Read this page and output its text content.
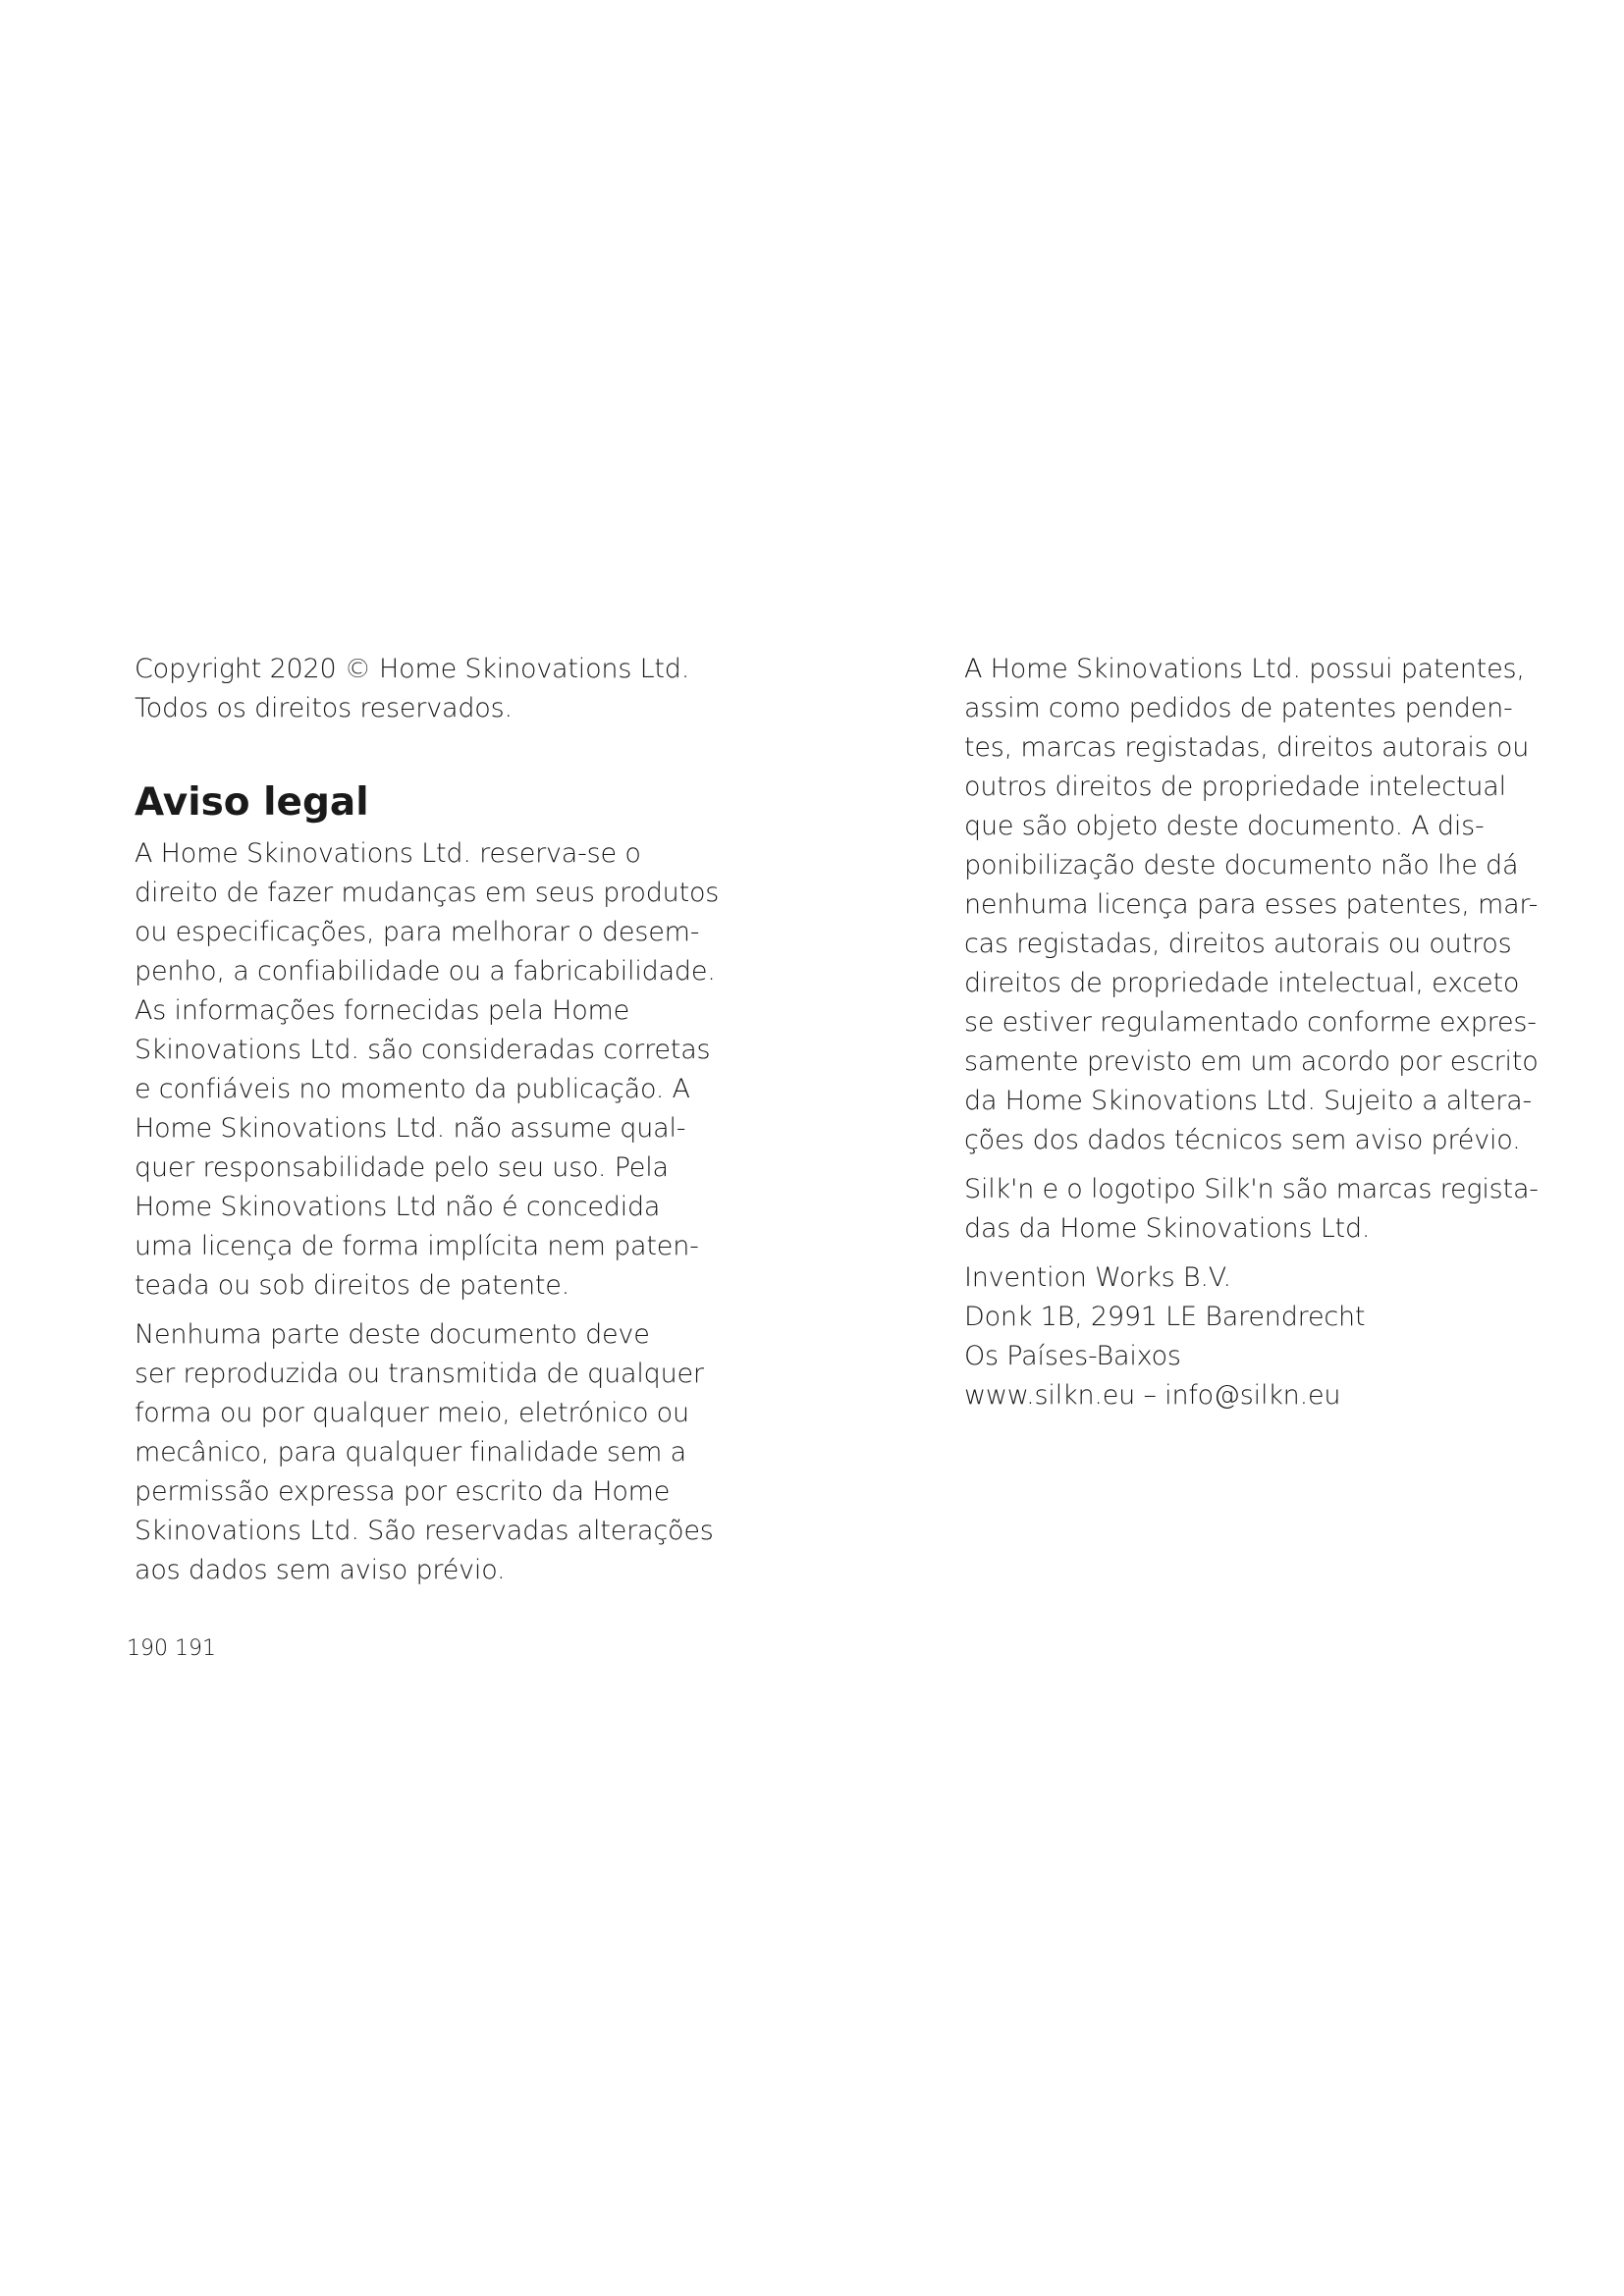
Copyright 2020 © Home Skinovations Ltd.
Todos os direitos reservados.
Aviso legal
A Home Skinovations Ltd. reserva-se o
direito de fazer mudanças em seus produtos
ou especificações, para melhorar o desem-
penho, a confiabilidade ou a fabricabilidade.
As informações fornecidas pela Home
Skinovations Ltd. são consideradas corretas
e confiáveis no momento da publicação. A
Home Skinovations Ltd. não assume qual-
quer responsabilidade pelo seu uso. Pela
Home Skinovations Ltd não é concedida
uma licença de forma implícita nem paten-
teada ou sob direitos de patente.
Nenhuma parte deste documento deve
ser reproduzida ou transmitida de qualquer
forma ou por qualquer meio, eletrónico ou
mecânico, para qualquer finalidade sem a
permissão expressa por escrito da Home
Skinovations Ltd. São reservadas alterações
aos dados sem aviso prévio.
A Home Skinovations Ltd. possui patentes,
assim como pedidos de patentes penden-
tes, marcas registadas, direitos autorais ou
outros direitos de propriedade intelectual
que são objeto deste documento. A dis-
ponibilização deste documento não lhe dá
nenhuma licença para esses patentes, mar-
cas registadas, direitos autorais ou outros
direitos de propriedade intelectual, exceto
se estiver regulamentado conforme expres-
samente previsto em um acordo por escrito
da Home Skinovations Ltd. Sujeito a altera-
ções dos dados técnicos sem aviso prévio.
Silk'n e o logotipo Silk'n são marcas regista-
das da Home Skinovations Ltd.
Invention Works B.V.
Donk 1B, 2991 LE Barendrecht
Os Países-Baixos
www.silkn.eu – info@silkn.eu
190 191
